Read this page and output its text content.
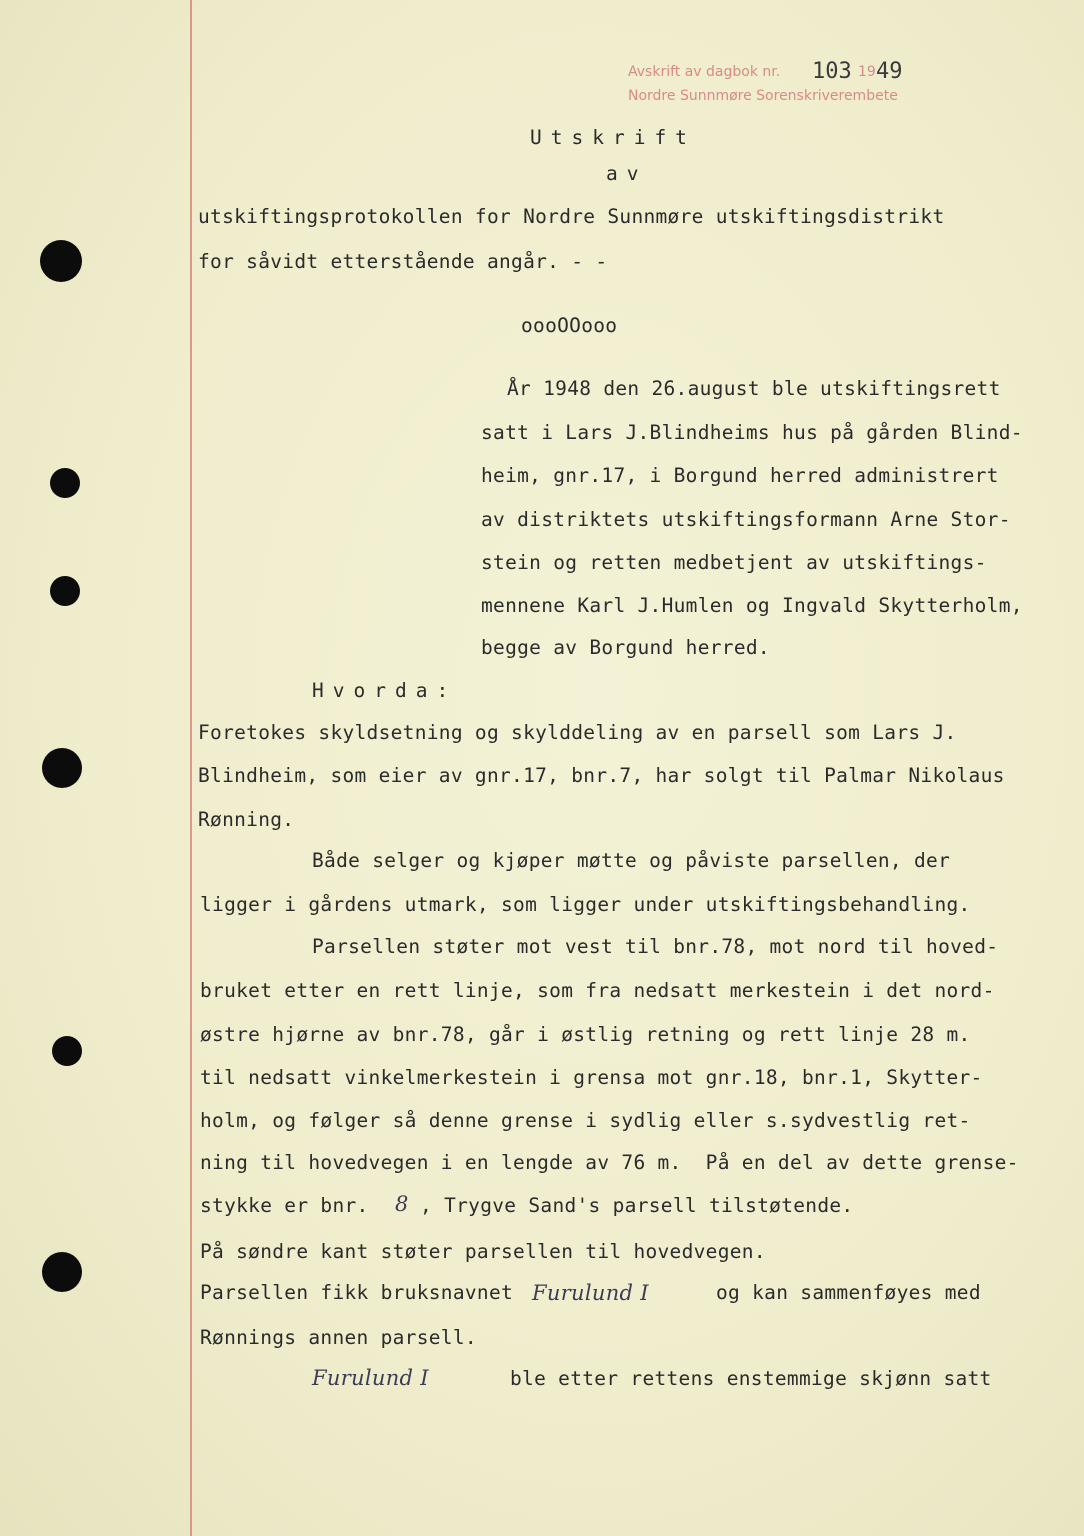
Avskrift av dagbok nr. 103 19 49
Nordre Sunnmøre Sorenskriverembete
Utskrift
av
utskiftingsprotokollen for Nordre Sunnmøre utskiftingsdistrikt
for såvidt etterstående angår. - -
oooOOooo
År 1948 den 26.august ble utskiftingsrett
satt i Lars J.Blindheims hus på gården Blind-
heim, gnr.17, i Borgund herred administrert
av distriktets utskiftingsformann Arne Stor-
stein og retten medbetjent av utskiftings-
mennene Karl J.Humlen og Ingvald Skytterholm,
begge av Borgund herred.
Hvorda:
Foretokes skyldsetning og skylddeling av en parsell som Lars J.
Blindheim, som eier av gnr.17, bnr.7, har solgt til Palmar Nikolaus
Rønning.
Både selger og kjøper møtte og påviste parsellen, der
ligger i gårdens utmark, som ligger under utskiftingsbehandling.
Parsellen støter mot vest til bnr.78, mot nord til hoved-
bruket etter en rett linje, som fra nedsatt merkestein i det nord-
østre hjørne av bnr.78, går i østlig retning og rett linje 28 m.
til nedsatt vinkelmerkestein i grensa mot gnr.18, bnr.1, Skytter-
holm, og følger så denne grense i sydlig eller s.sydvestlig ret-
ning til hovedvegen i en lengde av 76 m.  På en del av dette grense-
stykke er bnr. 8 , Trygve Sand's parsell tilstøtende.
På søndre kant støter parsellen til hovedvegen.
Parsellen fikk bruksnavnet Furulund I	og kan sammenføyes med
Rønnings annen parsell.
Furulund I	ble etter rettens enstemmige skjønn satt
